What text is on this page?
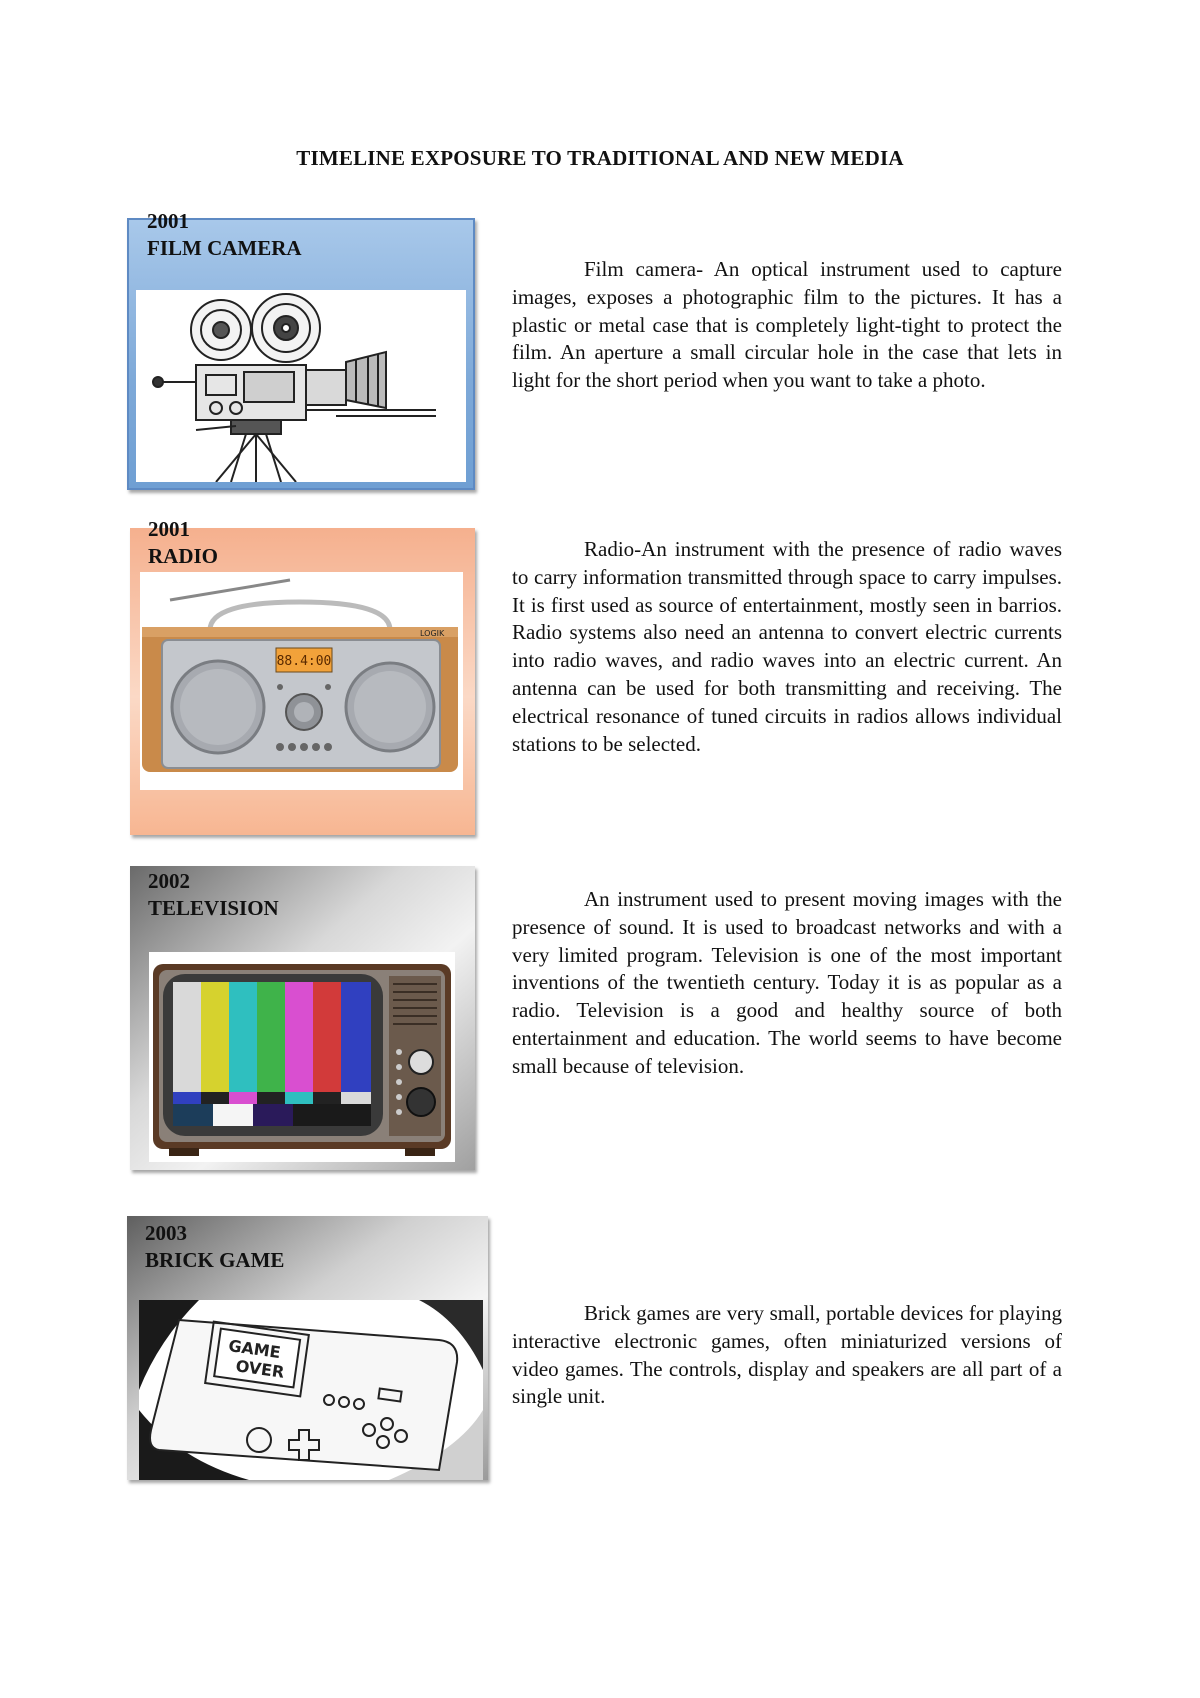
TIMELINE EXPOSURE TO TRADITIONAL AND NEW MEDIA
2001
FILM CAMERA
Film camera- An optical instrument used to capture images, exposes a photographic film to the pictures. It has a plastic or metal case that is completely light-tight to protect the film. An aperture a small circular hole in the case that lets in light for the short period when you want to take a photo.
2001
RADIO
88.4:00
LOGIK
Radio-An instrument with the presence of radio waves to carry information transmitted through space to carry impulses. It is first used as source of entertainment, mostly seen in barrios. Radio systems also need an antenna to convert electric currents into radio waves, and radio waves into an electric current. An antenna can be used for both transmitting and receiving. The electrical resonance of tuned circuits in radios allows individual stations to be selected.
2002
TELEVISION	An instrument used to present moving images with the presence of sound. It is used to broadcast networks and with a very limited program. Television is one of the most important inventions of the twentieth century. Today it is as popular as a radio. Television is a good and healthy source of both entertainment and education. The world seems to have become small because of television.
2003
BRICK GAME
GAME
OVER
Brick games are very small, portable devices for playing interactive electronic games, often miniaturized versions of video games. The controls, display and speakers are all part of a single unit.
